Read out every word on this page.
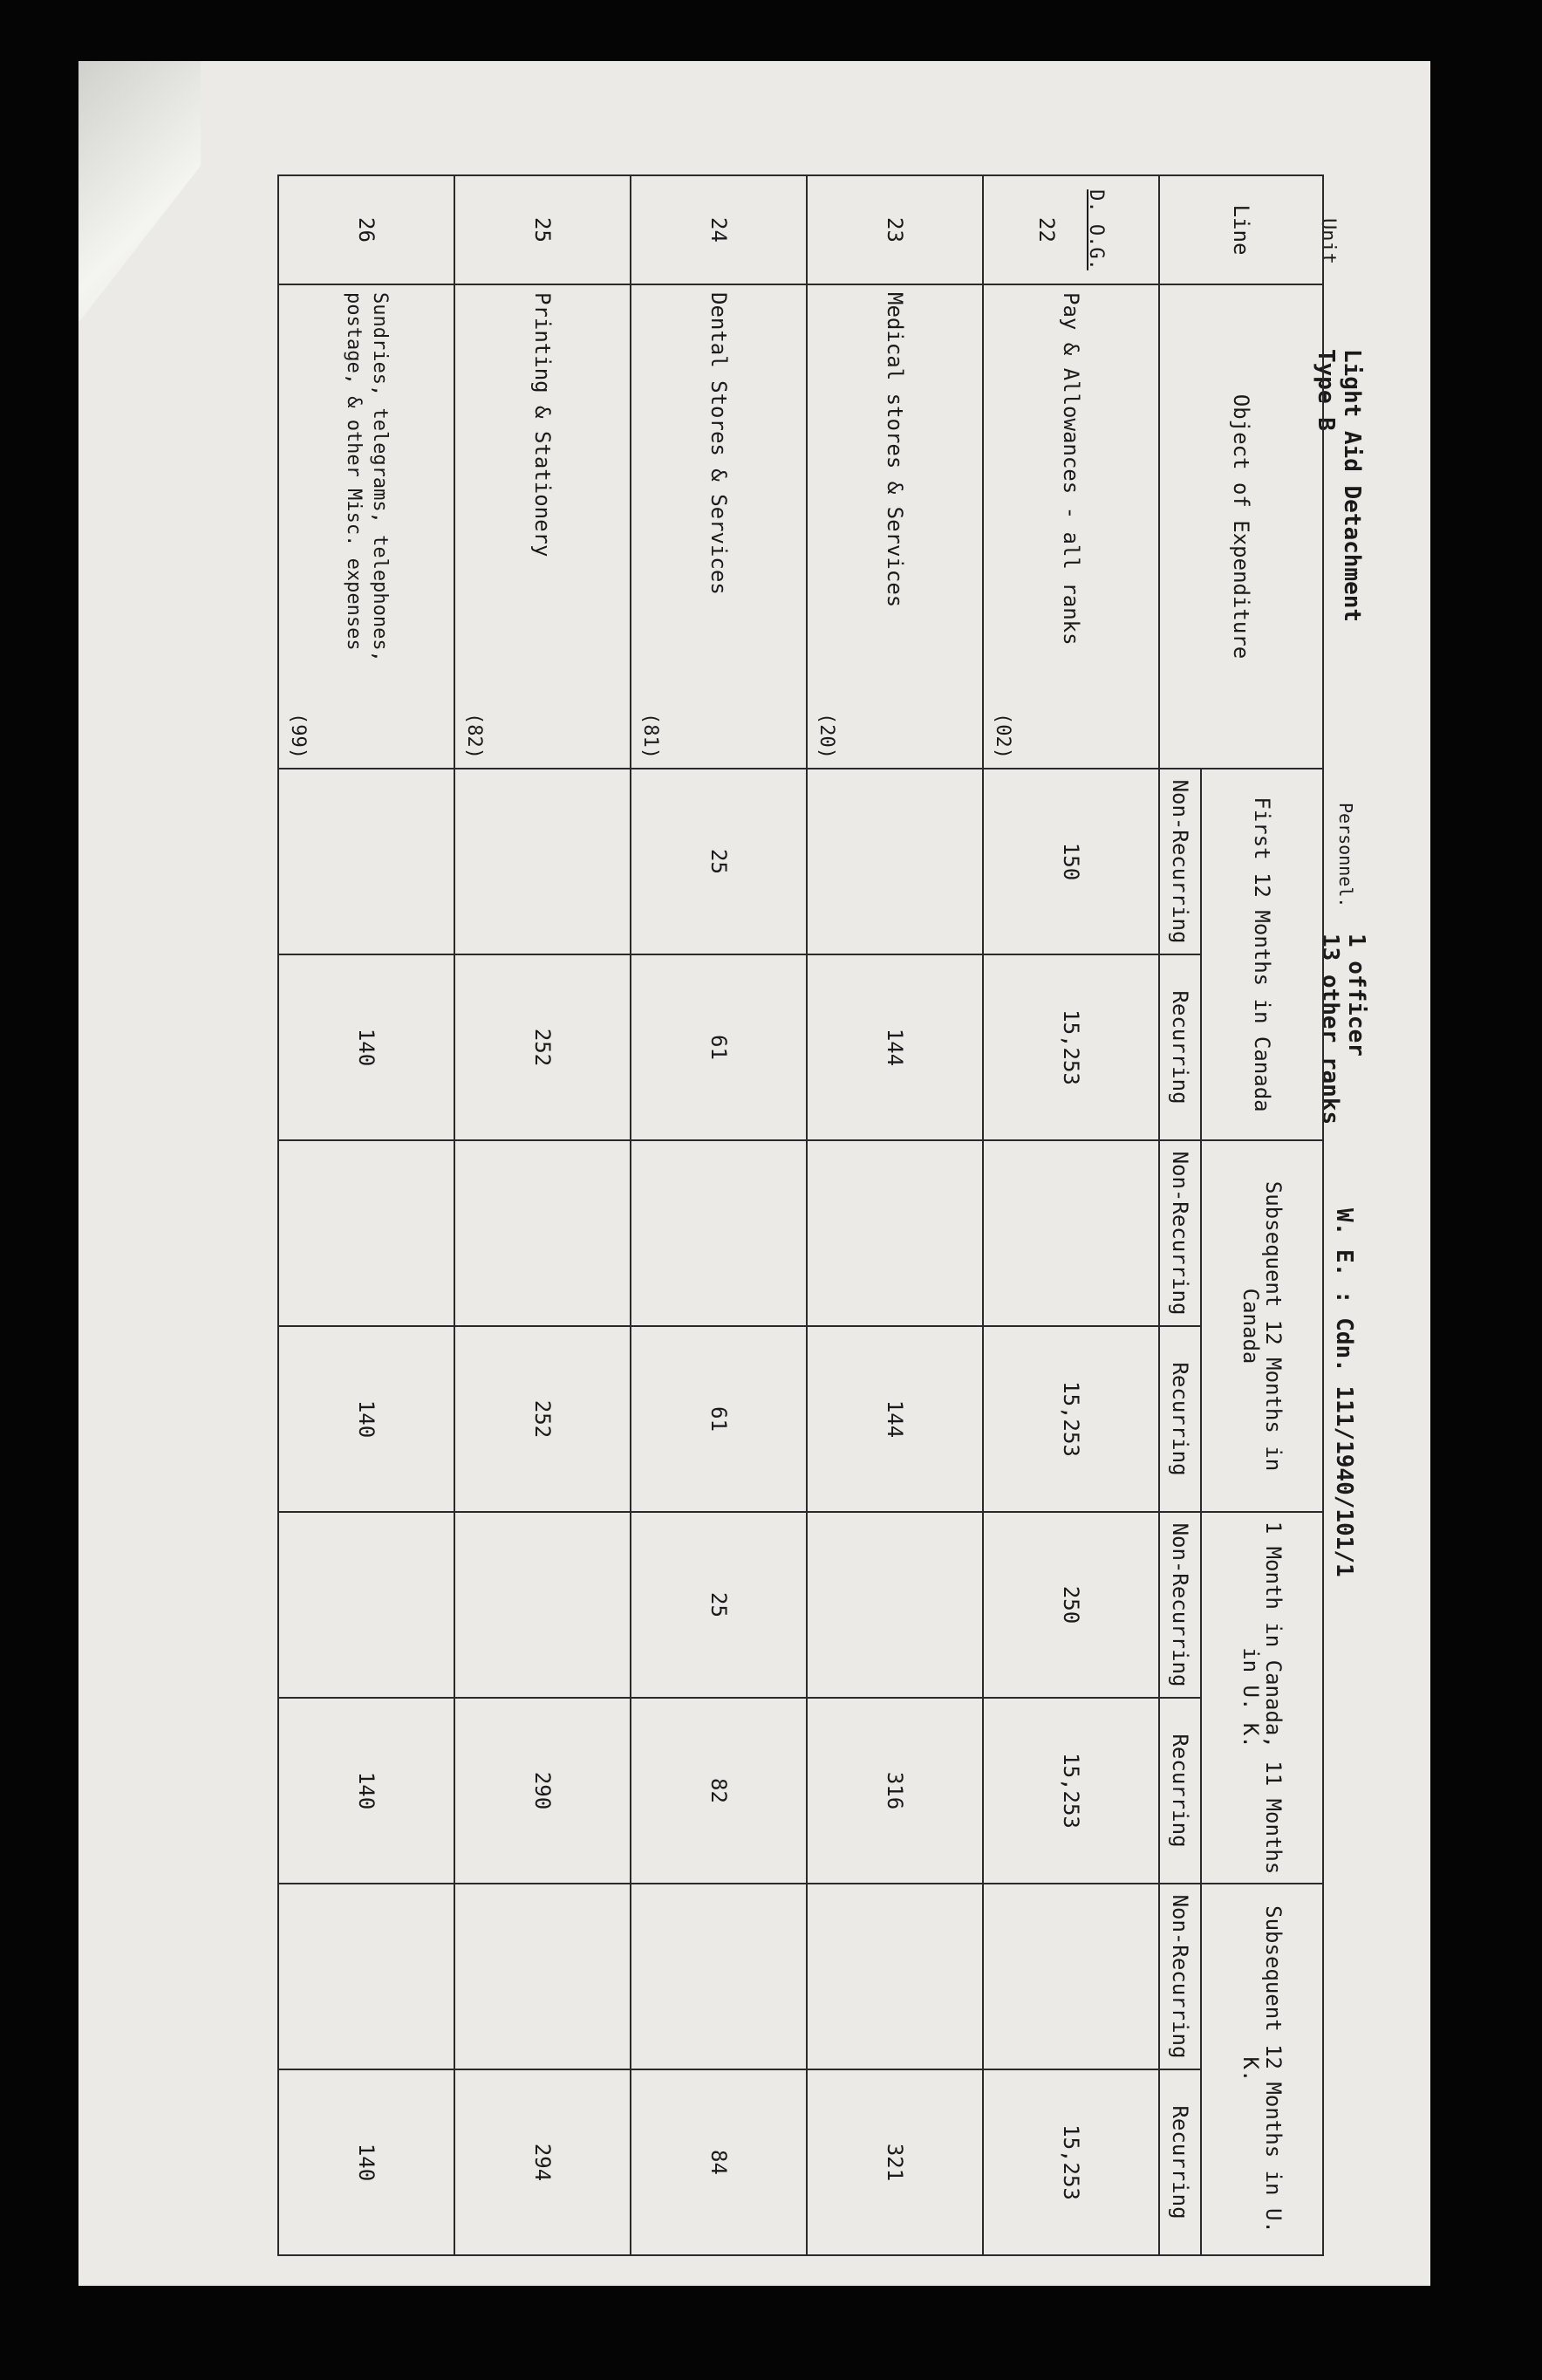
Unit
Light Aid Detachment
Type B
Personnel.
1 officer
13 other ranks
W. E. : Cdn. 111/1940/101/1
Line	Object of Expenditure	First 12 Months in Canada		Subsequent 12 Months in Canada		1 Month in Canada, 11 Months in U. K.		Subsequent 12 Months in U. K.	
		Non-Recurring	Recurring	Non-Recurring	Recurring	Non-Recurring	Recurring	Non-Recurring	Recurring

D. O.G.
22	Pay & Allowances - all ranks
(02)	150	15,253		15,253	250	15,253		15,253
23	Medical stores & Services
(20)		144		144		316		321
24	Dental Stores & Services
(81)	25	61		61	25	82		84
25	Printing & Stationery
(82)		252		252		290		294
26	Sundries, telegrams, telephones, postage, & other Misc. expenses
(99)		140		140		140		140
